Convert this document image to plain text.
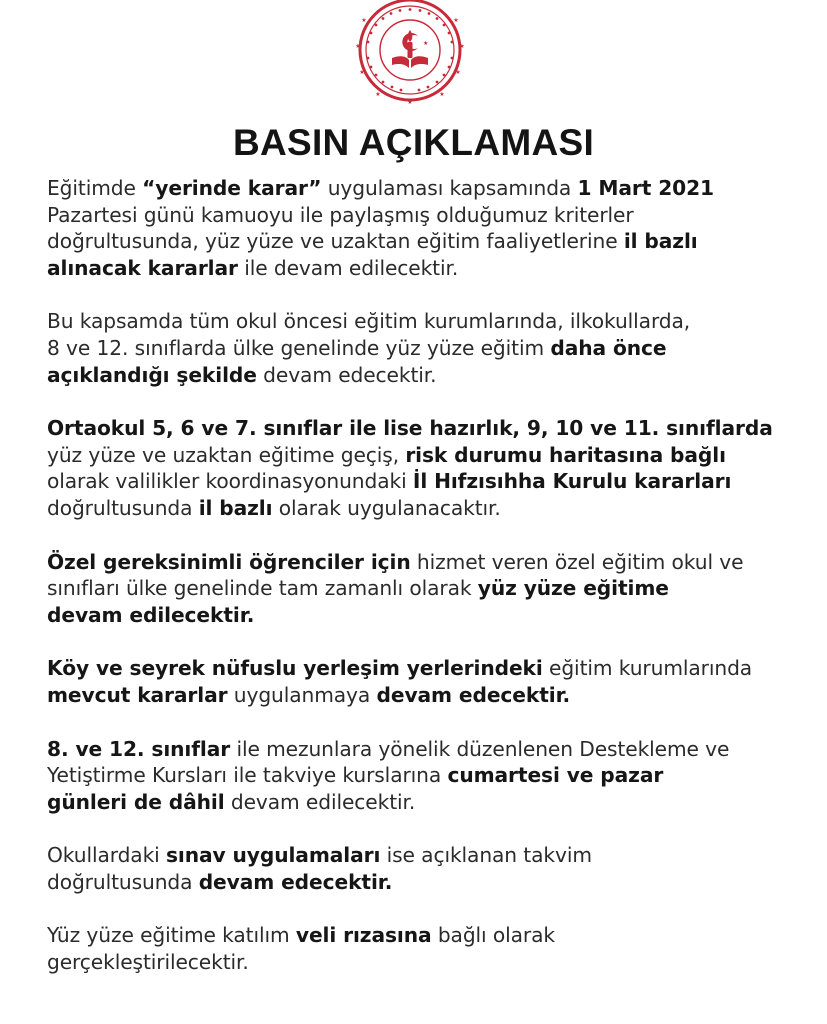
★
★	★
★	★
★	★
★	★
★
BASIN AÇIKLAMASI

Eğitimde “yerinde karar” uygulaması kapsamında 1 Mart 2021
Pazartesi günü kamuoyu ile paylaşmış olduğumuz kriterler
doğrultusunda, yüz yüze ve uzaktan eğitim faaliyetlerine il bazlı
alınacak kararlar ile devam edilecektir.

Bu kapsamda tüm okul öncesi eğitim kurumlarında, ilkokullarda,
8 ve 12. sınıflarda ülke genelinde yüz yüze eğitim daha önce
açıklandığı şekilde devam edecektir.

Ortaokul 5, 6 ve 7. sınıflar ile lise hazırlık, 9, 10 ve 11. sınıflarda
yüz yüze ve uzaktan eğitime geçiş, risk durumu haritasına bağlı
olarak valilikler koordinasyonundaki İl Hıfzısıhha Kurulu kararları
doğrultusunda il bazlı olarak uygulanacaktır.

Özel gereksinimli öğrenciler için hizmet veren özel eğitim okul ve
sınıfları ülke genelinde tam zamanlı olarak yüz yüze eğitime
devam edilecektir.

Köy ve seyrek nüfuslu yerleşim yerlerindeki eğitim kurumlarında
mevcut kararlar uygulanmaya devam edecektir.

8. ve 12. sınıflar ile mezunlara yönelik düzenlenen Destekleme ve
Yetiştirme Kursları ile takviye kurslarına cumartesi ve pazar
günleri de dâhil devam edilecektir.

Okullardaki sınav uygulamaları ise açıklanan takvim
doğrultusunda devam edecektir.

Yüz yüze eğitime katılım veli rızasına bağlı olarak
gerçekleştirilecektir.
